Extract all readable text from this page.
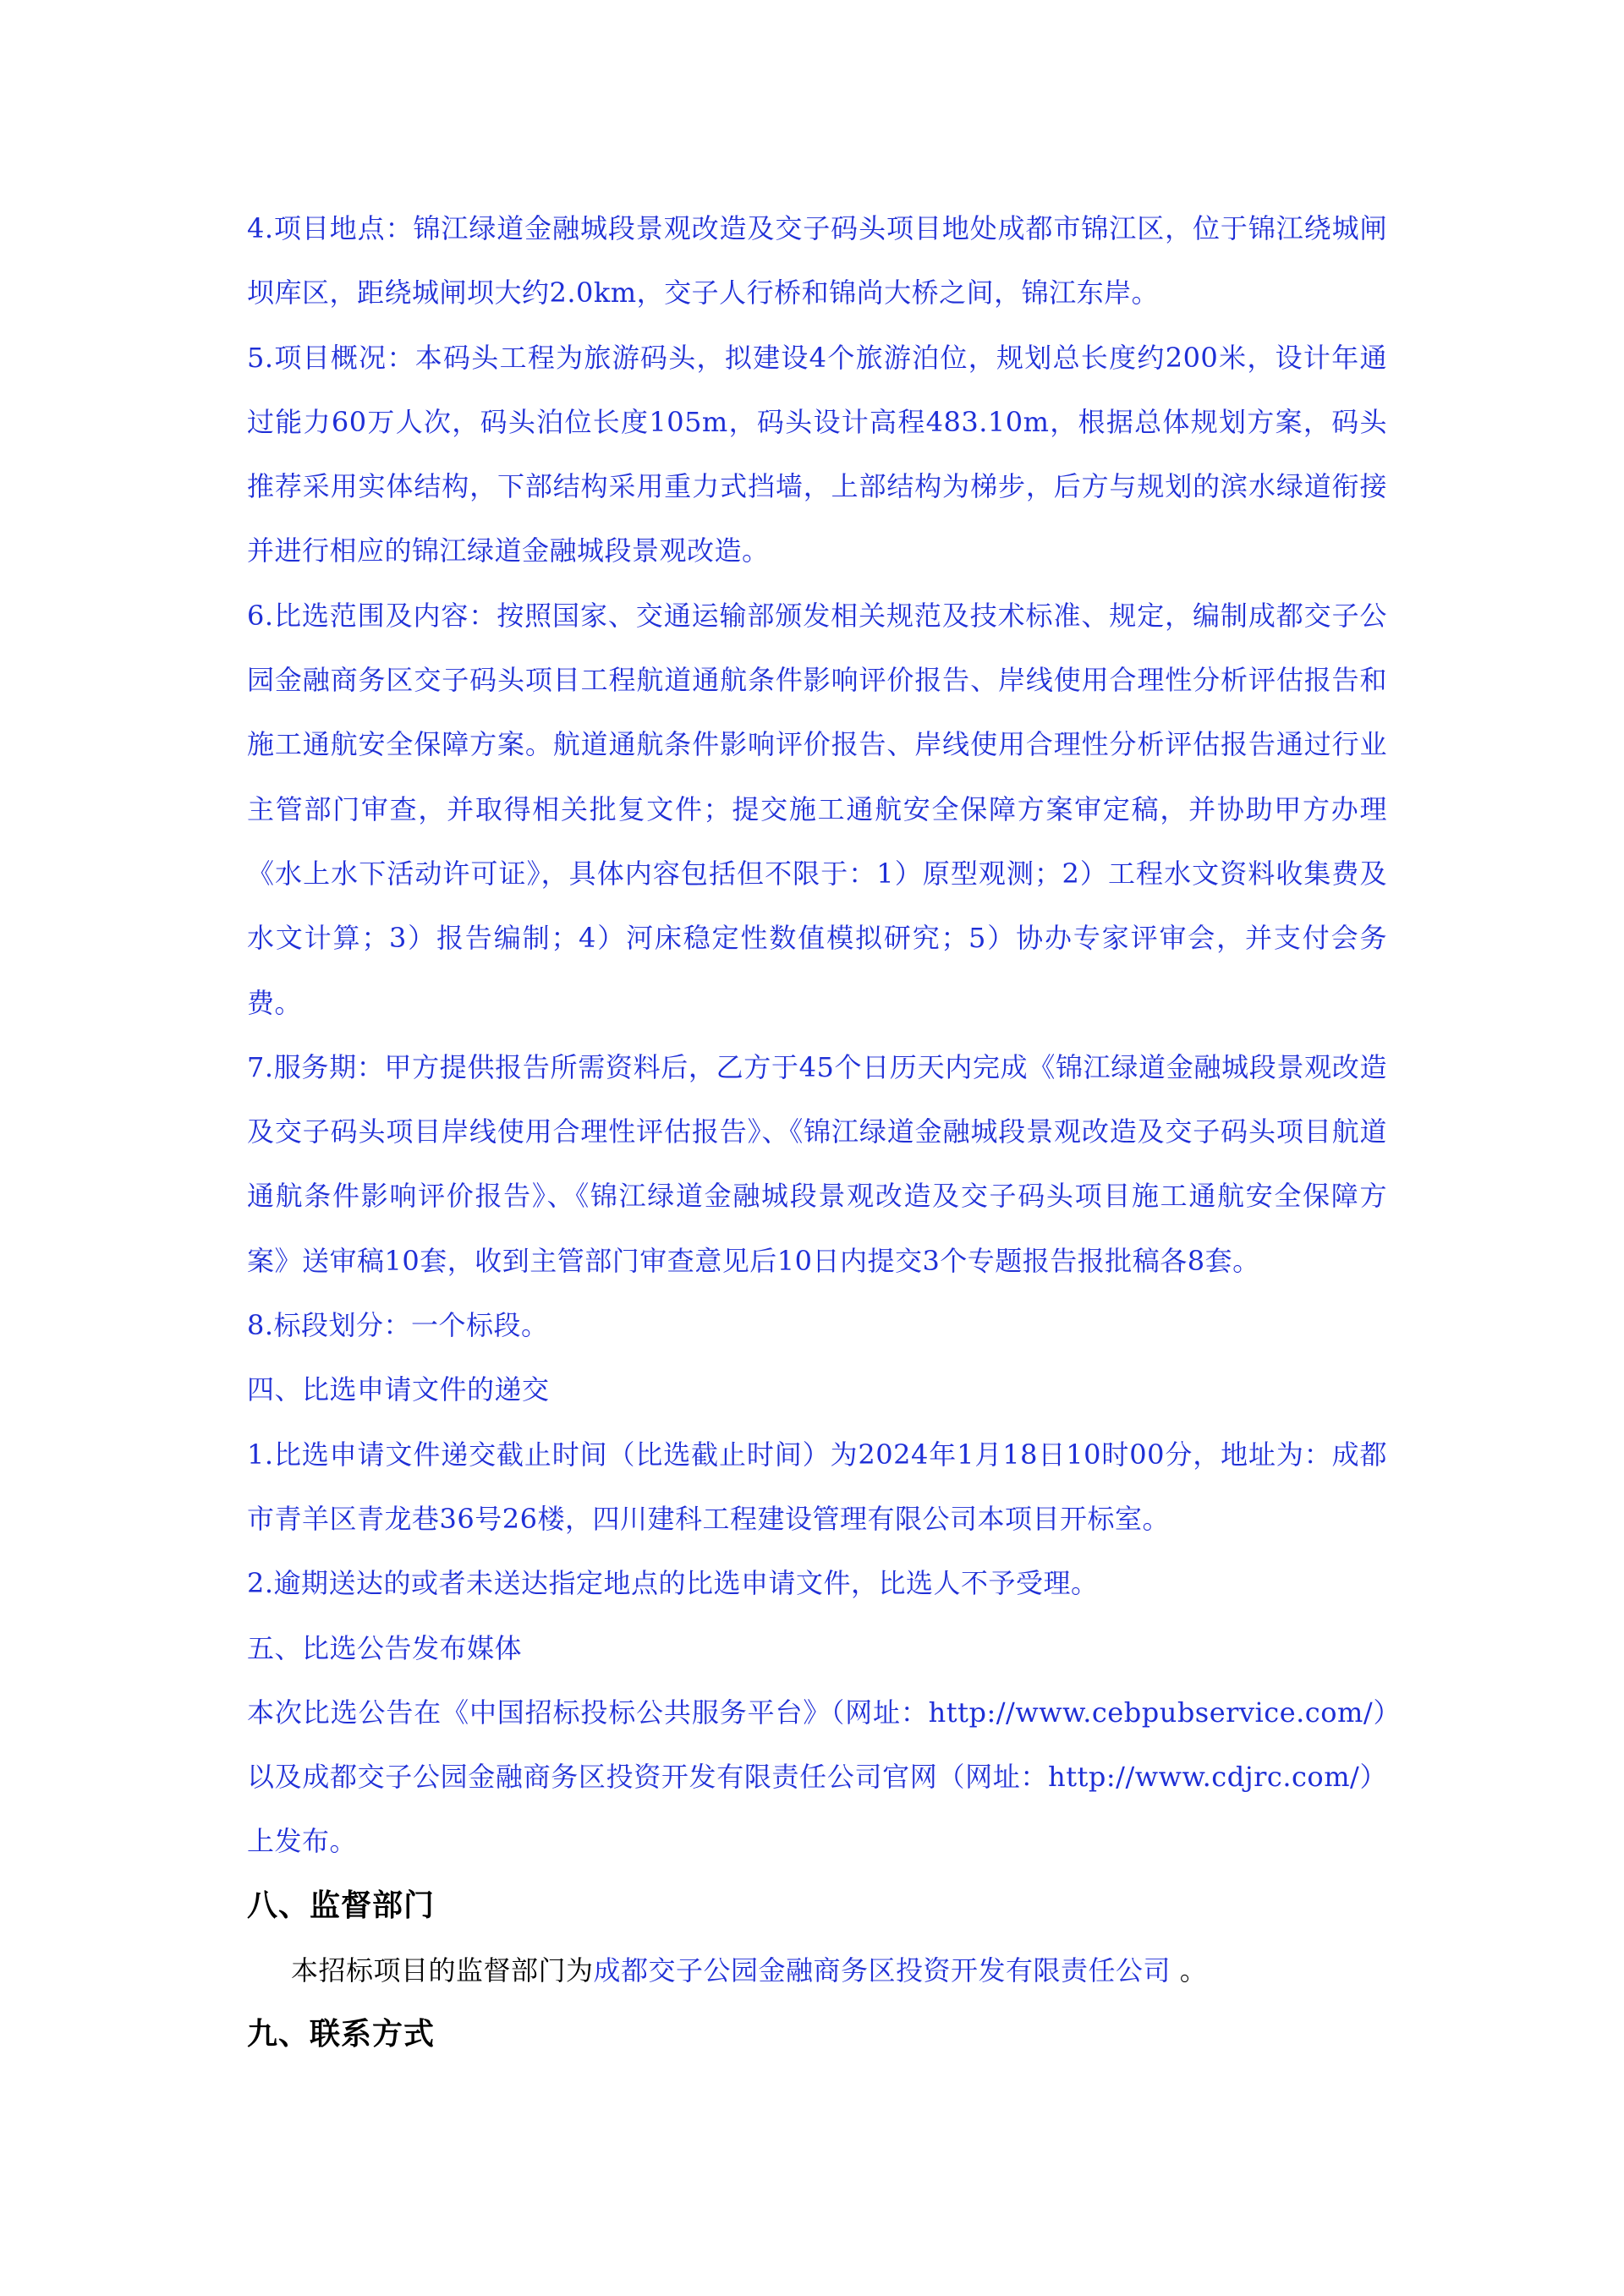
4.项目地点：锦江绿道金融城段景观改造及交子码头项目地处成都市锦江区，位于锦江绕城闸坝库区，距绕城闸坝大约2.0km，交子人行桥和锦尚大桥之间，锦江东岸。

5.项目概况：本码头工程为旅游码头，拟建设4个旅游泊位，规划总长度约200米，设计年通过能力60万人次，码头泊位长度105m，码头设计高程483.10m，根据总体规划方案，码头推荐采用实体结构，下部结构采用重力式挡墙，上部结构为梯步，后方与规划的滨水绿道衔接并进行相应的锦江绿道金融城段景观改造。

6.比选范围及内容：按照国家、交通运输部颁发相关规范及技术标准、规定，编制成都交子公园金融商务区交子码头项目工程航道通航条件影响评价报告、岸线使用合理性分析评估报告和施工通航安全保障方案。航道通航条件影响评价报告、岸线使用合理性分析评估报告通过行业主管部门审查，并取得相关批复文件；提交施工通航安全保障方案审定稿，并协助甲方办理《水上水下活动许可证》，具体内容包括但不限于：1）原型观测；2）工程水文资料收集费及水文计算；3）报告编制；4）河床稳定性数值模拟研究；5）协办专家评审会，并支付会务费。

7.服务期：甲方提供报告所需资料后，乙方于45个日历天内完成《锦江绿道金融城段景观改造及交子码头项目岸线使用合理性评估报告》、《锦江绿道金融城段景观改造及交子码头项目航道通航条件影响评价报告》、《锦江绿道金融城段景观改造及交子码头项目施工通航安全保障方案》送审稿10套，收到主管部门审查意见后10日内提交3个专题报告报批稿各8套。

8.标段划分：一个标段。

四、比选申请文件的递交

1.比选申请文件递交截止时间（比选截止时间）为2024年1月18日10时00分，地址为：成都市青羊区青龙巷36号26楼，四川建科工程建设管理有限公司本项目开标室。

2.逾期送达的或者未送达指定地点的比选申请文件，比选人不予受理。

五、比选公告发布媒体

本次比选公告在《中国招标投标公共服务平台》（网址：http://www.cebpubservice.com/）以及成都交子公园金融商务区投资开发有限责任公司官网（网址：http://www.cdjrc.com/）上发布。

八、监督部门

本招标项目的监督部门为成都交子公园金融商务区投资开发有限责任公司 。

九、联系方式
